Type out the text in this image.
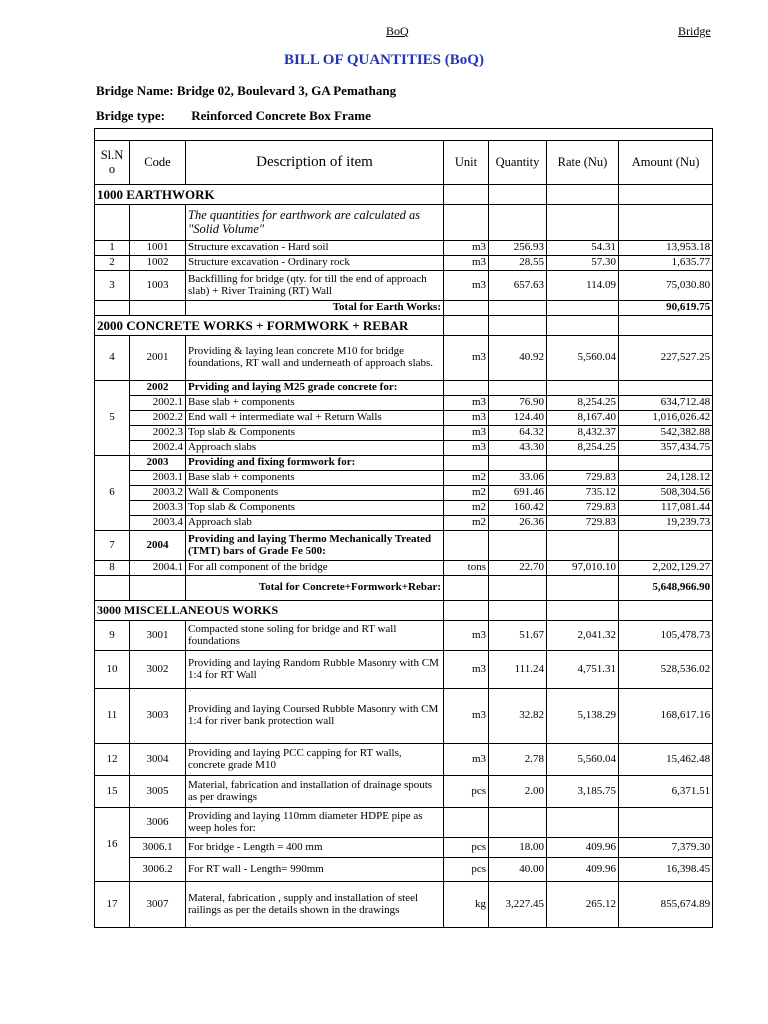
BoQ	Bridge
BILL OF QUANTITIES (BoQ)
Bridge Name: Bridge 02, Boulevard 3, GA Pemathang
Bridge type: Reinforced Concrete Box Frame

Sl.N o	Code	Description of item	Unit	Quantity	Rate (Nu)	Amount (Nu)
1000 EARTHWORK						
		The quantities for earthwork are calculated as "Solid Volume"				
1	1001	Structure excavation - Hard soil	m3	256.93	54.31	13,953.18
2	1002	Structure excavation - Ordinary rock	m3	28.55	57.30	1,635.77
3	1003	Backfilling for bridge (qty. for till the end of approach slab) + River Training (RT) Wall	m3	657.63	114.09	75,030.80
		Total for Earth Works:				90,619.75
2000 CONCRETE WORKS + FORMWORK + REBAR						
4	2001	Providing & laying lean concrete M10 for bridge foundations, RT wall and underneath of approach slabs.	m3	40.92	5,560.04	227,527.25
5	2002	Prviding and laying M25 grade concrete for:				
	2002.1	Base slab + components	m3	76.90	8,254.25	634,712.48
	2002.2	End wall + intermediate wal + Return Walls	m3	124.40	8,167.40	1,016,026.42
	2002.3	Top slab & Components	m3	64.32	8,432.37	542,382.88
	2002.4	Approach slabs	m3	43.30	8,254.25	357,434.75
6	2003	Providing and fixing formwork for:				
	2003.1	Base slab + components	m2	33.06	729.83	24,128.12
	2003.2	Wall & Components	m2	691.46	735.12	508,304.56
	2003.3	Top slab & Components	m2	160.42	729.83	117,081.44
	2003.4	Approach slab	m2	26.36	729.83	19,239.73
7	2004	Providing and laying Thermo Mechanically Treated (TMT) bars of Grade Fe 500:				
8	2004.1	For all component of the bridge	tons	22.70	97,010.10	2,202,129.27
		Total for Concrete+Formwork+Rebar:				5,648,966.90
3000 MISCELLANEOUS WORKS						
9	3001	Compacted stone soling for bridge and RT wall foundations	m3	51.67	2,041.32	105,478.73
10	3002	Providing and laying Random Rubble Masonry with CM 1:4 for RT Wall	m3	111.24	4,751.31	528,536.02
11	3003	Providing and laying Coursed Rubble Masonry with CM 1:4 for river bank protection wall	m3	32.82	5,138.29	168,617.16
12	3004	Providing and laying PCC capping for RT walls, concrete grade M10	m3	2.78	5,560.04	15,462.48
15	3005	Material, fabrication and installation of drainage spouts as per drawings	pcs	2.00	3,185.75	6,371.51
16	3006	Providing and laying 110mm diameter HDPE pipe as weep holes for:				
	3006.1	For bridge - Length = 400 mm	pcs	18.00	409.96	7,379.30
	3006.2	For RT wall - Length= 990mm	pcs	40.00	409.96	16,398.45
17	3007	Materal, fabrication , supply and installation of steel railings as per the details shown in the drawings	kg	3,227.45	265.12	855,674.89
